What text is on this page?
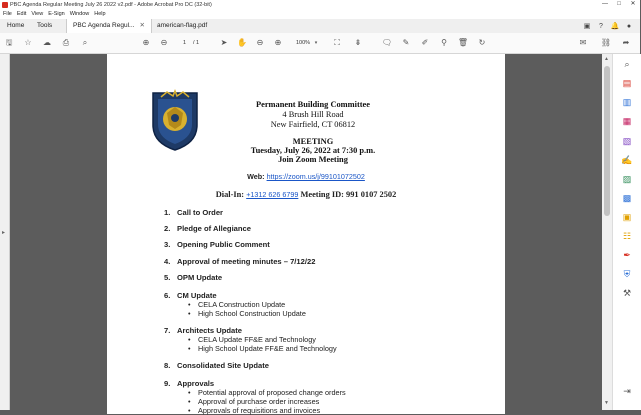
PBC Agenda Regular Meeting July 26 2022 v2.pdf - Adobe Acrobat Pro DC (32-bit)	—	□	✕
File Edit View E-Sign Window Help
Home Tools	PBC Agenda Regul... ✕	american-flag.pdf	▣	?	🔔	●
🖫	☆	☁	⎙	⌕	⊕	⊖	1 / 1	➤	✋	⊖	⊕	100% ▾	⛶	⇟	🗨	✎	✐	⚲	🗑	↻	✉	⛓	➦
▸
Permanent Building Committee
4 Brush Hill Road
New Fairfield, CT 06812
MEETING
Tuesday, July 26, 2022 at 7:30 p.m.
Join Zoom Meeting
Web: https://zoom.us/j/99101072502
Dial-In: +1312 626 6799 Meeting ID: 991 0107 2502
1. Call to Order
2. Pledge of Allegiance
3. Opening Public Comment
4. Approval of meeting minutes – 7/12/22
5. OPM Update
6. CM Update
• CELA Construction Update
• High School Construction Update
7. Architects Update
• CELA Update FF&E and Technology
• High School Update FF&E and Technology
8. Consolidated Site Update
9. Approvals
• Potential approval of proposed change orders
• Approval of purchase order increases
• Approvals of requisitions and invoices
▲
▼
⌕
▤
▥
▦
▧
✍
▨
▩
▣
☷
✒
⛨
⚒
⇥
